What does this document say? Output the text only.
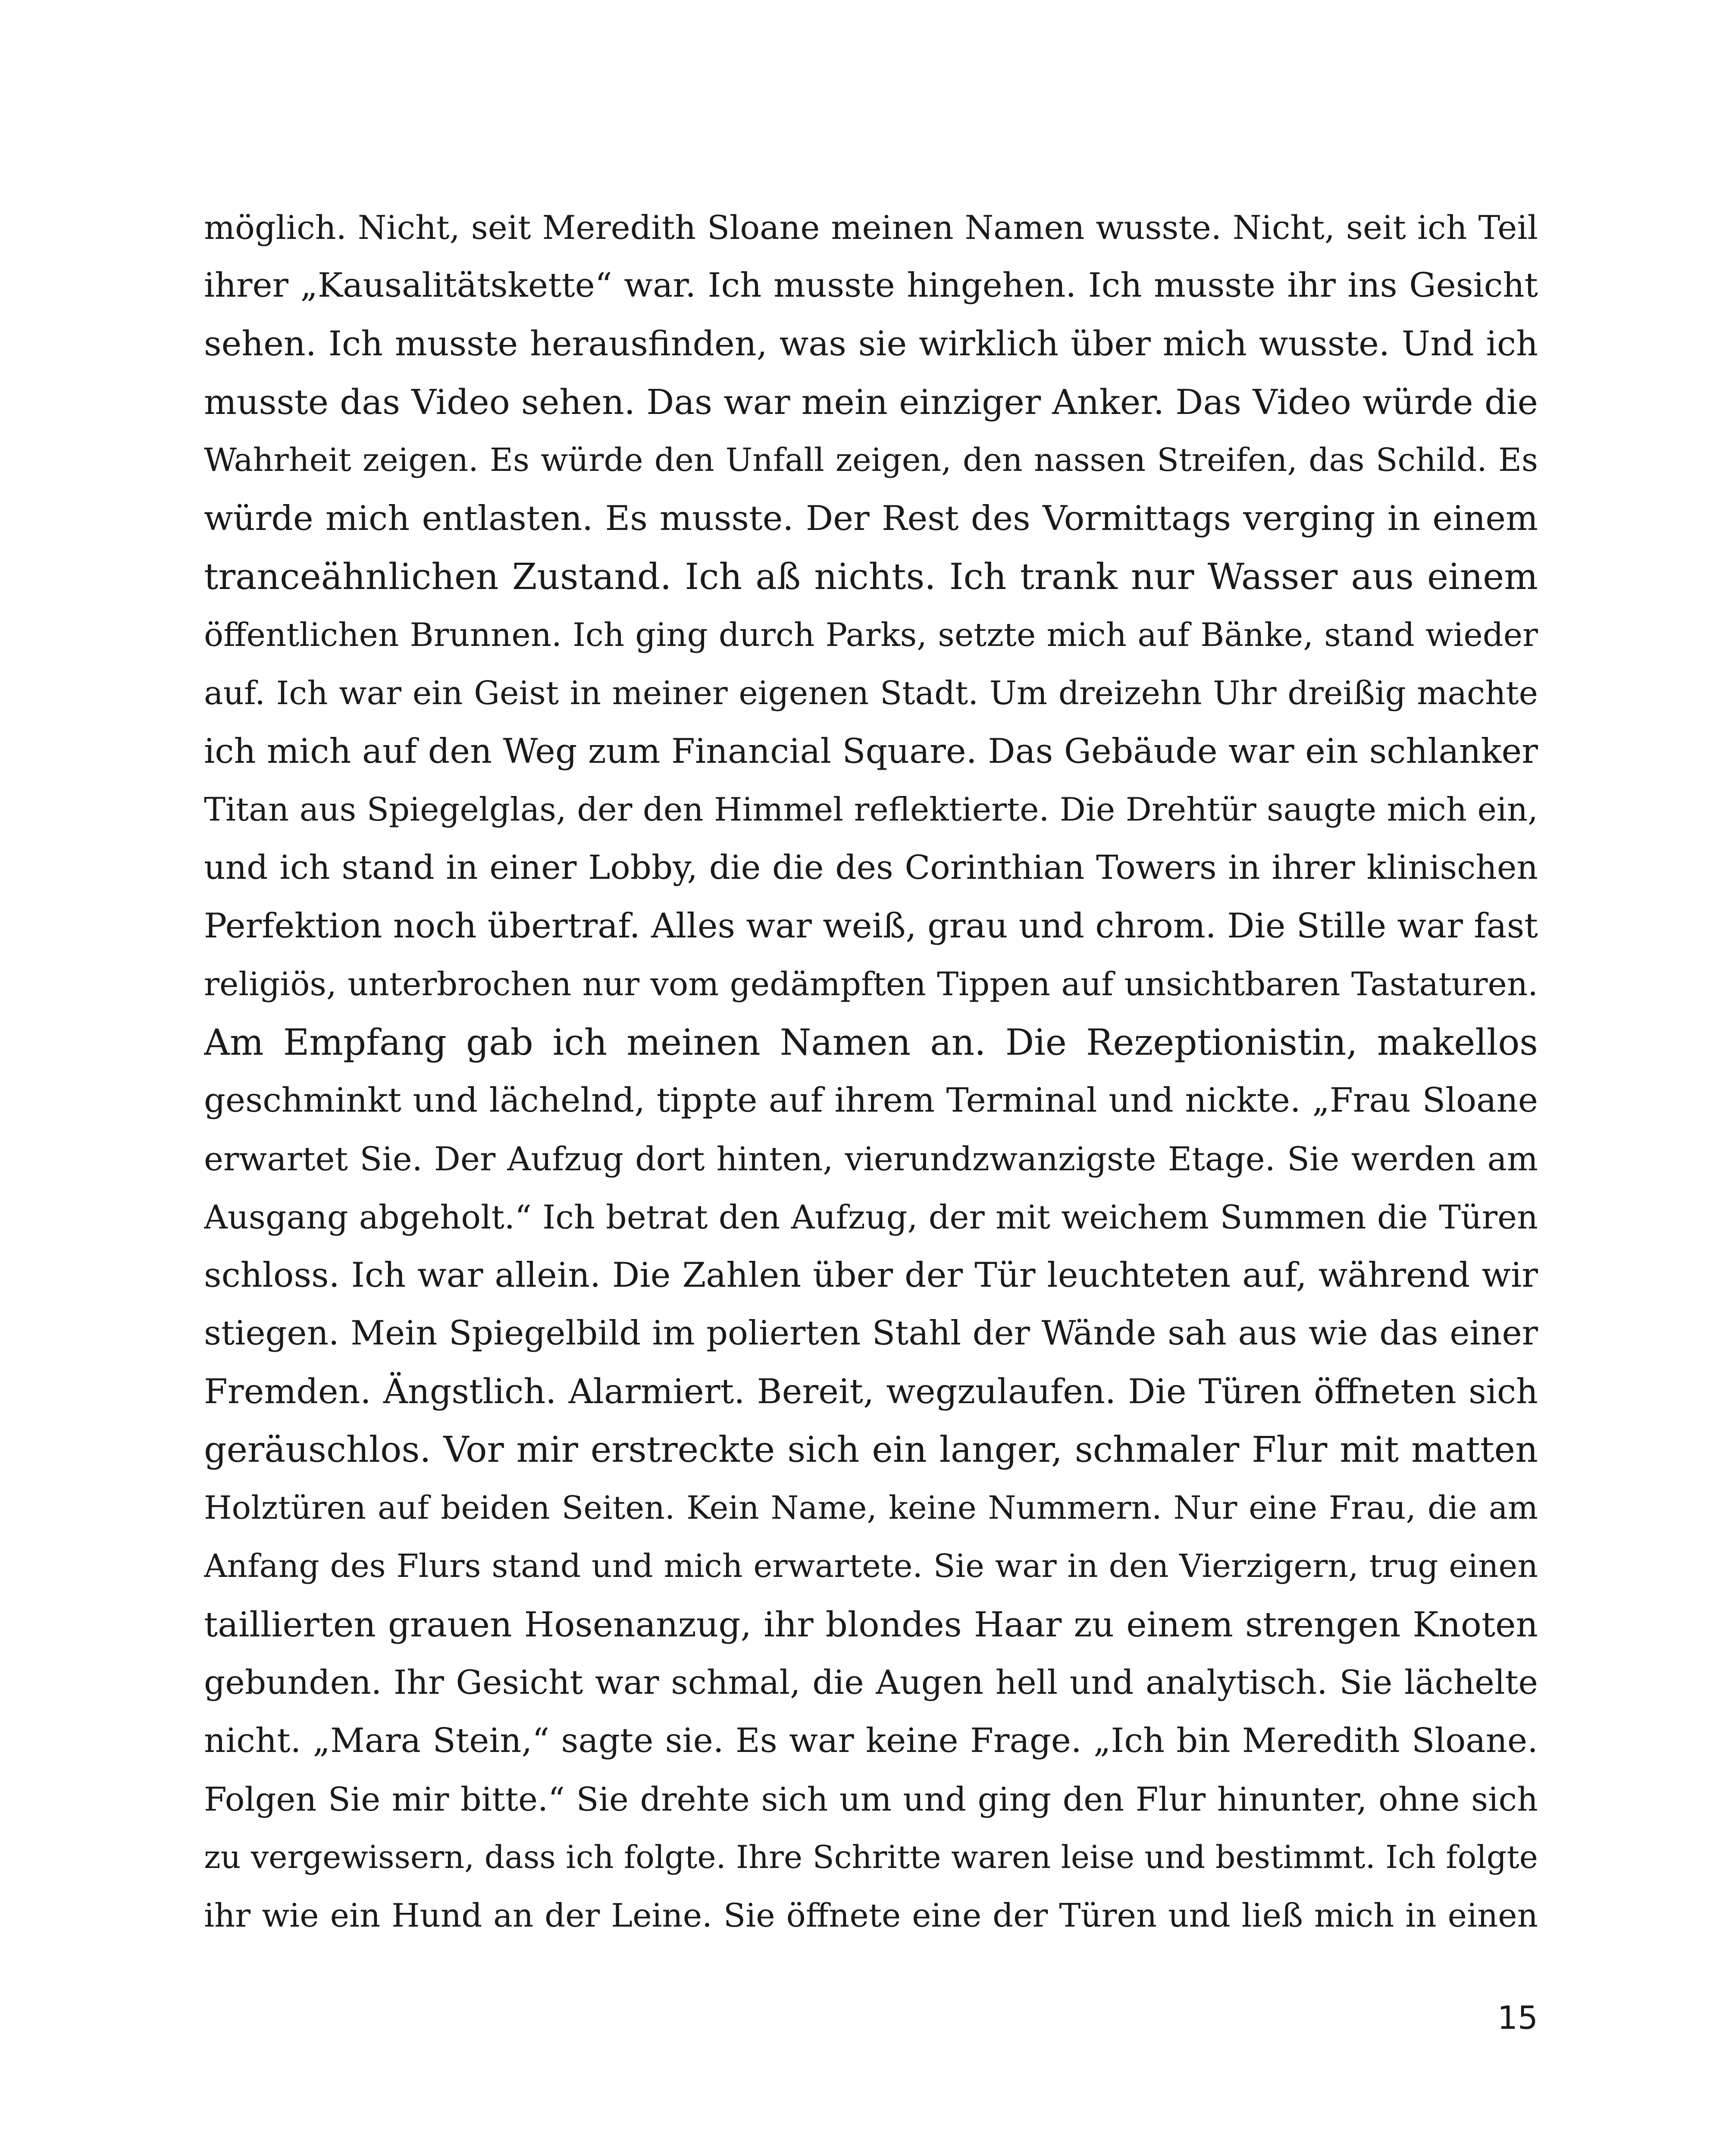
möglich. Nicht, seit Meredith Sloane meinen Namen wusste. Nicht, seit ich Teil
ihrer „Kausalitätskette“ war. Ich musste hingehen. Ich musste ihr ins Gesicht
sehen. Ich musste herausfinden, was sie wirklich über mich wusste. Und ich
musste das Video sehen. Das war mein einziger Anker. Das Video würde die
Wahrheit zeigen. Es würde den Unfall zeigen, den nassen Streifen, das Schild. Es
würde mich entlasten. Es musste. Der Rest des Vormittags verging in einem
tranceähnlichen Zustand. Ich aß nichts. Ich trank nur Wasser aus einem
öffentlichen Brunnen. Ich ging durch Parks, setzte mich auf Bänke, stand wieder
auf. Ich war ein Geist in meiner eigenen Stadt. Um dreizehn Uhr dreißig machte
ich mich auf den Weg zum Financial Square. Das Gebäude war ein schlanker
Titan aus Spiegelglas, der den Himmel reflektierte. Die Drehtür saugte mich ein,
und ich stand in einer Lobby, die die des Corinthian Towers in ihrer klinischen
Perfektion noch übertraf. Alles war weiß, grau und chrom. Die Stille war fast
religiös, unterbrochen nur vom gedämpften Tippen auf unsichtbaren Tastaturen.
Am Empfang gab ich meinen Namen an. Die Rezeptionistin, makellos
geschminkt und lächelnd, tippte auf ihrem Terminal und nickte. „Frau Sloane
erwartet Sie. Der Aufzug dort hinten, vierundzwanzigste Etage. Sie werden am
Ausgang abgeholt.“ Ich betrat den Aufzug, der mit weichem Summen die Türen
schloss. Ich war allein. Die Zahlen über der Tür leuchteten auf, während wir
stiegen. Mein Spiegelbild im polierten Stahl der Wände sah aus wie das einer
Fremden. Ängstlich. Alarmiert. Bereit, wegzulaufen. Die Türen öffneten sich
geräuschlos. Vor mir erstreckte sich ein langer, schmaler Flur mit matten
Holztüren auf beiden Seiten. Kein Name, keine Nummern. Nur eine Frau, die am
Anfang des Flurs stand und mich erwartete. Sie war in den Vierzigern, trug einen
taillierten grauen Hosenanzug, ihr blondes Haar zu einem strengen Knoten
gebunden. Ihr Gesicht war schmal, die Augen hell und analytisch. Sie lächelte
nicht. „Mara Stein,“ sagte sie. Es war keine Frage. „Ich bin Meredith Sloane.
Folgen Sie mir bitte.“ Sie drehte sich um und ging den Flur hinunter, ohne sich
zu vergewissern, dass ich folgte. Ihre Schritte waren leise und bestimmt. Ich folgte
ihr wie ein Hund an der Leine. Sie öffnete eine der Türen und ließ mich in einen
15
